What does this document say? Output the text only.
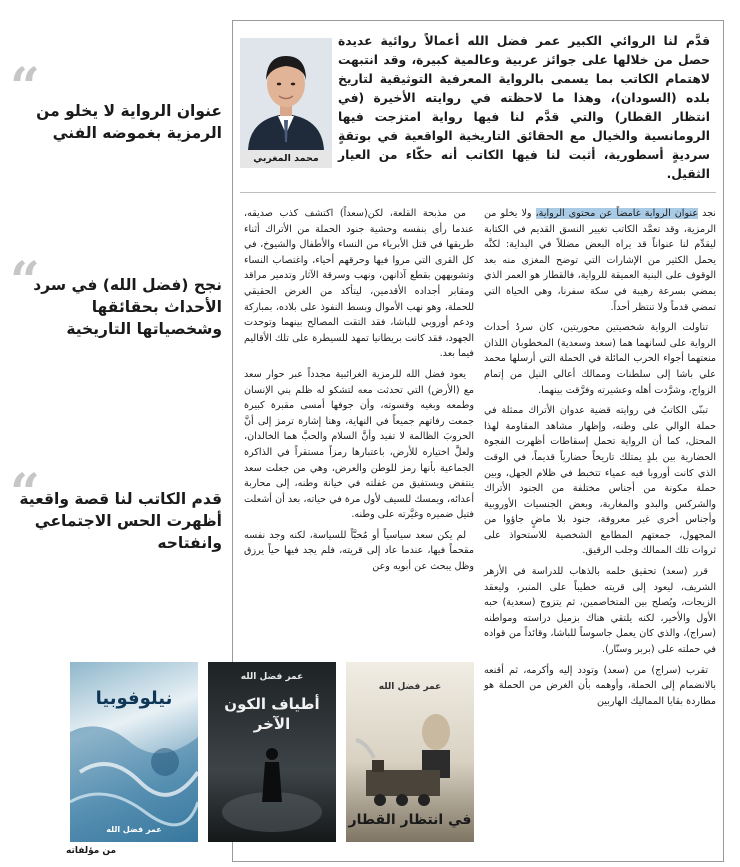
محمد المغربي
قدَّم لنا الروائي الكبير عمر فضل الله أعمالاً روائية عديدة حصل من خلالها على جوائز عربية وعالمية كبيرة، وقد انتبهت لاهتمام الكاتب بما يسمى بالرواية المعرفية التوثيقية لتاريخ بلده (السودان)، وهذا ما لاحظته في روايته الأخيرة (في انتظار القطار) والتي قدَّم لنا فيها رواية امتزجت فيها الرومانسية والخيال مع الحقائق التاريخية الواقعية في بوتقةٍ سرديةٍ أسطورية، أثبت لنا فيها الكاتب أنه حكّاء من العيار الثقيل.

نجد عنوان الرواية غامضاً عن محتوى الرواية، ولا يخلو من الرمزية، وقد تعمَّد الكاتب تغيير النسق القديم في الكتابة ليقدِّم لنا عنواناً قد يراه البعض مضللاً في البداية: لكنَّه يحمل الكثير من الإشارات التي توضح المغزى منه بعد الوقوف على البنية العميقة للرواية، فالقطار هو العمر الذي يمضي بسرعة رهيبة في سكة سفرنا، وهي الحياة التي تمضي قدماً ولا تنتظر أحداً.

تناولت الرواية شخصيتين محوريتين، كان سردُ أحداث الرواية على لسانهما هما (سعد وسعدية) المخطوبان اللذان منعتهما أجواء الحرب المائلة في الحملة التي أرسلها محمد علي باشا إلى سلطنات وممالك أعالي النيل من إتمام الزواج، وشرَّدت أهله وعشيرته وفرَّقت بينهما.

تبنّى الكاتبُ في روايته قضية عدوان الأتراك ممثلة في حملة الوالي على وطنه، وإظهار مشاهد المقاومة لهذا المحتل، كما أن الرواية تحمل إسقاطات أظهرت الفجوة الحضارية بين بلدٍ يمتلك تاريخاً حضارياً قديماً، في الوقت الذي كانت أوروبا فيه عمياء تتخبط في ظلام الجهل، وبين حملة مكونة من أجناس مختلفة من الجنود الأتراك والشركس والبدو والمغاربة، وبعض الجنسيات الأوروبية وأجناس أخرى غير معروفة، جنود بلا ماضٍ جاؤوا من المجهول، جمعتهم المطامع الشخصية للاستحواذ على ثروات تلك الممالك وجلب الرقيق.

قرر (سعد) تحقيق حلمه بالذهاب للدراسة في الأزهر الشريف، ليعود إلى قريته خطيباً على المنبر، وليعقد الزيجات، ويُصلح بين المتخاصمين، ثم يتزوج (سعدية) حبه الأول والأخير، لكنه يلتقي هناك بزميل دراسته ومواطنه (سراج)، والذي كان يعمل جاسوساً للباشا، وقائداً من قواده في حملته على (بربر وسنّار).

تقرب (سراج) من (سعد) وتودد إليه وأكرمه، ثم أقنعه بالانضمام إلى الحملة، وأوهمه بأن الغرض من الحملة هو مطاردة بقايا المماليك الهاربين

من مذبحة القلعة، لكن(سعداً) اكتشف كذب صديقه، عندما رأى بنفسه وحشية جنود الحملة من الأتراك أثناء طريقها في قتل الأبرياء من النساء والأطفال والشيوخ، في كل القرى التي مروا فيها وحرقهم أحياء، واغتصاب النساء وتشويههن بقطع آذانهن، ونهب وسرقة الآثار وتدمير مراقد ومقابر أجداده الأقدمين، ليتأكد من الغرض الحقيقي للحملة، وهو نهب الأموال وبسط النفوذ على بلاده، بمباركة ودعم أوروبي للباشا، فقد التقت المصالح بينهما وتوحدت الجهود، فقد كانت بريطانيا تمهد للسيطرة على تلك الأقاليم فيما بعد.

يعود فضل الله للرمزية الغرائبية مجدداً عبر حوار سعد مع (الأرض) التي تحدثت معه لتشكو له ظلم بني الإنسان وطمعه وبغيه وقسوته، وأن جوفها أمسى مقبرة كبيرة جمعت رفاتهم جميعاً في النهاية، وهنا إشارة ترمز إلى أنَّ الحروبَ الظالمة لا تفيد وأنَّ السلام والحبَّ هما الخالدان، ولعلَّ اختياره للأرض، باعتبارها رمزاً مستقراً في الذاكرة الجماعية بأنها رمز للوطن والعرض، وهي من جعلت سعد ينتفض ويستفيق من غفلته في خيانة وطنه، إلى محاربة أعدائه، ويمسك للسيف لأول مرة في حياته، بعد أن أشعلت فتيل ضميره وغيَّرته على وطنه.

لم يكن سعد سياسياً أو مُحبَّاً للسياسة، لكنه وجد نفسه مقحماً فيها، عندما عاد إلى قريته، فلم يجد فيها حياً يرزق وظل يبحث عن أبويه وعن

“
عنوان الرواية لا يخلو من الرمزية بغموضه الفني
“
نجح (فضل الله) في سرد الأحداث بحقائقها وشخصياتها التاريخية
“
قدم الكاتب لنا قصة واقعية أظهرت الحس الاجتماعي وانفتاحه
نيلوفوبيا
عمر فضل الله
عمر فضل الله
أطياف الكون الآخر
عمر فضل الله
في انتظار القطار
من مؤلفاته
